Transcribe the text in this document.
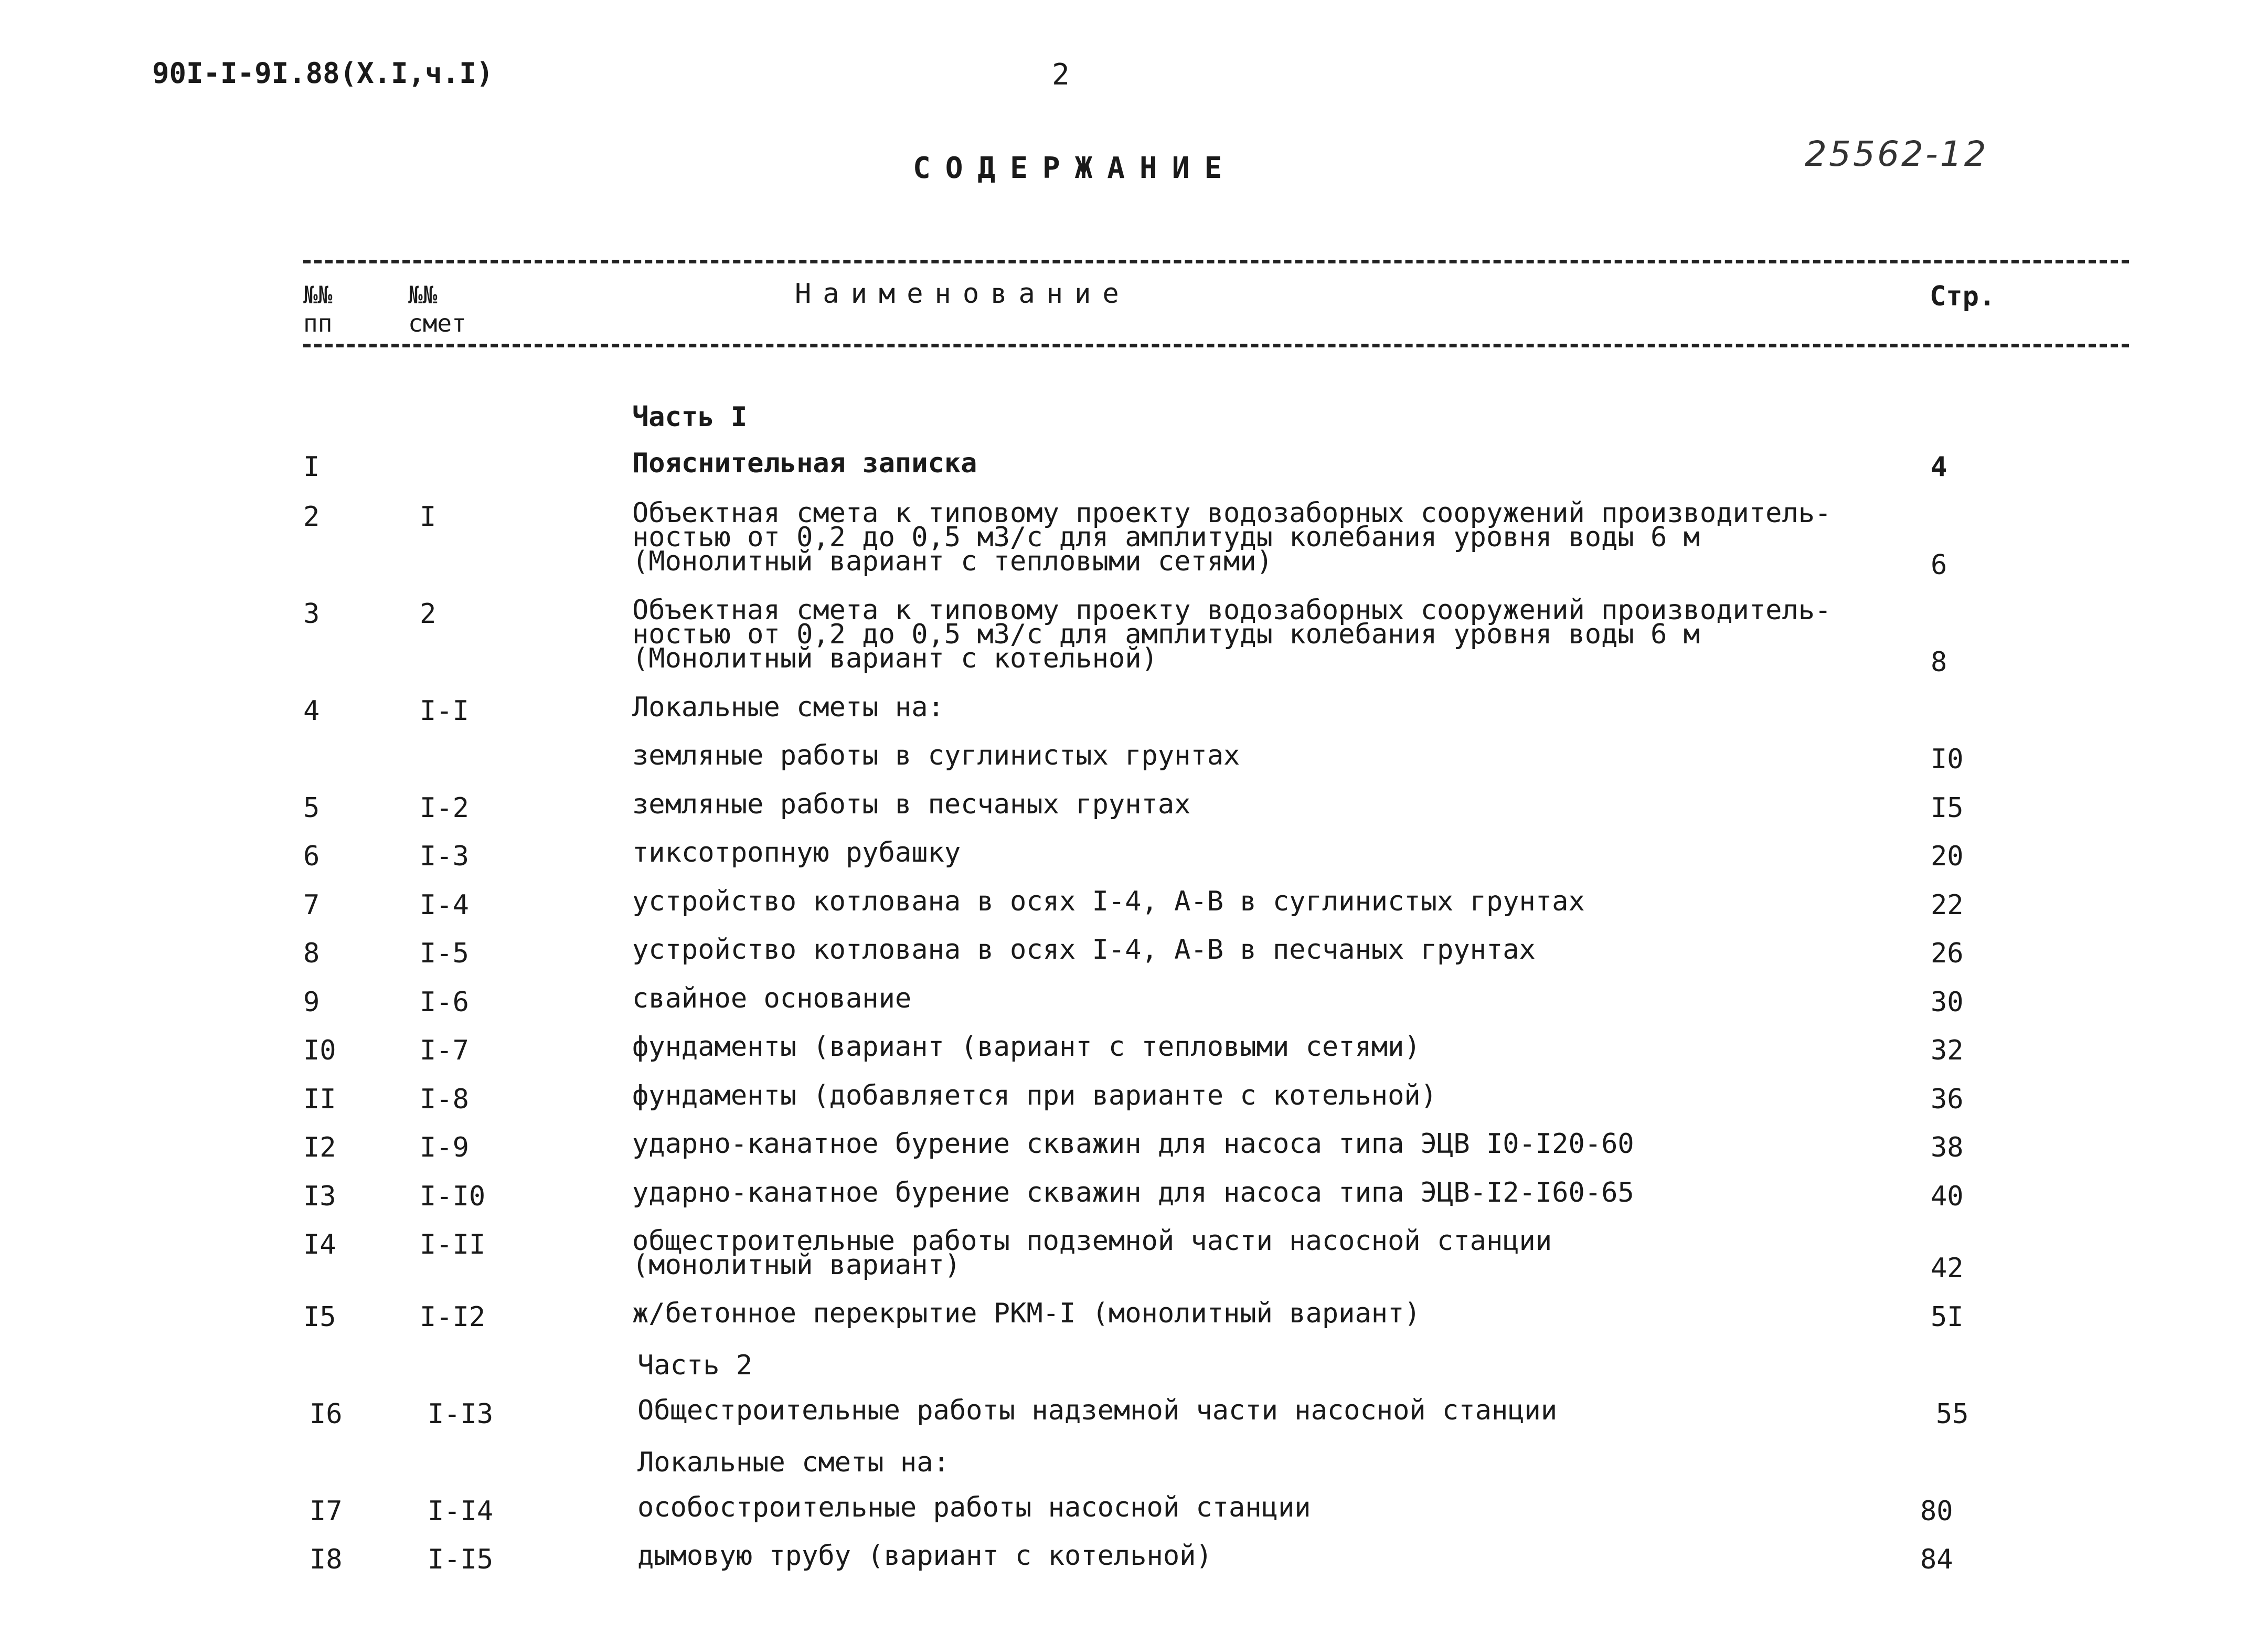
90I-I-9I.88(X.I,ч.I)	2
СОДЕРЖАНИЕ	25562-12
№№
пп
№№
смет
Наименование	Стр.
Часть I
I	Пояснительная записка	4
2	I	Объектная смета к типовому проекту водозаборных сооружений производитель-
ностью от 0,2 до 0,5 м3/с для амплитуды колебания уровня воды 6 м
(Монолитный вариант с тепловыми сетями)	6
3	2	Объектная смета к типовому проекту водозаборных сооружений производитель-
ностью от 0,2 до 0,5 м3/с для амплитуды колебания уровня воды 6 м
(Монолитный вариант с котельной)	8
4	I-I	Локальные сметы на:
земляные работы в суглинистых грунтах	I0
5	I-2	земляные работы в песчаных грунтах	I5
6	I-3	тиксотропную рубашку	20
7	I-4	устройство котлована в осях I-4, А-В в суглинистых грунтах	22
8	I-5	устройство котлована в осях I-4, А-В в песчаных грунтах	26
9	I-6	свайное основание	30
I0	I-7	фундаменты (вариант (вариант с тепловыми сетями)	32
II	I-8	фундаменты (добавляется при варианте с котельной)	36
I2	I-9	ударно-канатное бурение скважин для насоса типа ЭЦВ I0-I20-60	38
I3	I-I0	ударно-канатное бурение скважин для насоса типа ЭЦВ-I2-I60-65	40
I4	I-II	общестроительные работы подземной части насосной станции
(монолитный вариант)	42
I5	I-I2	ж/бетонное перекрытие РКМ-I (монолитный вариант)	5I
Часть 2
I6	I-I3	Общестроительные работы надземной части насосной станции	55
Локальные сметы на:
I7	I-I4	особостроительные работы насосной станции	80
I8	I-I5	дымовую трубу (вариант с котельной)	84
